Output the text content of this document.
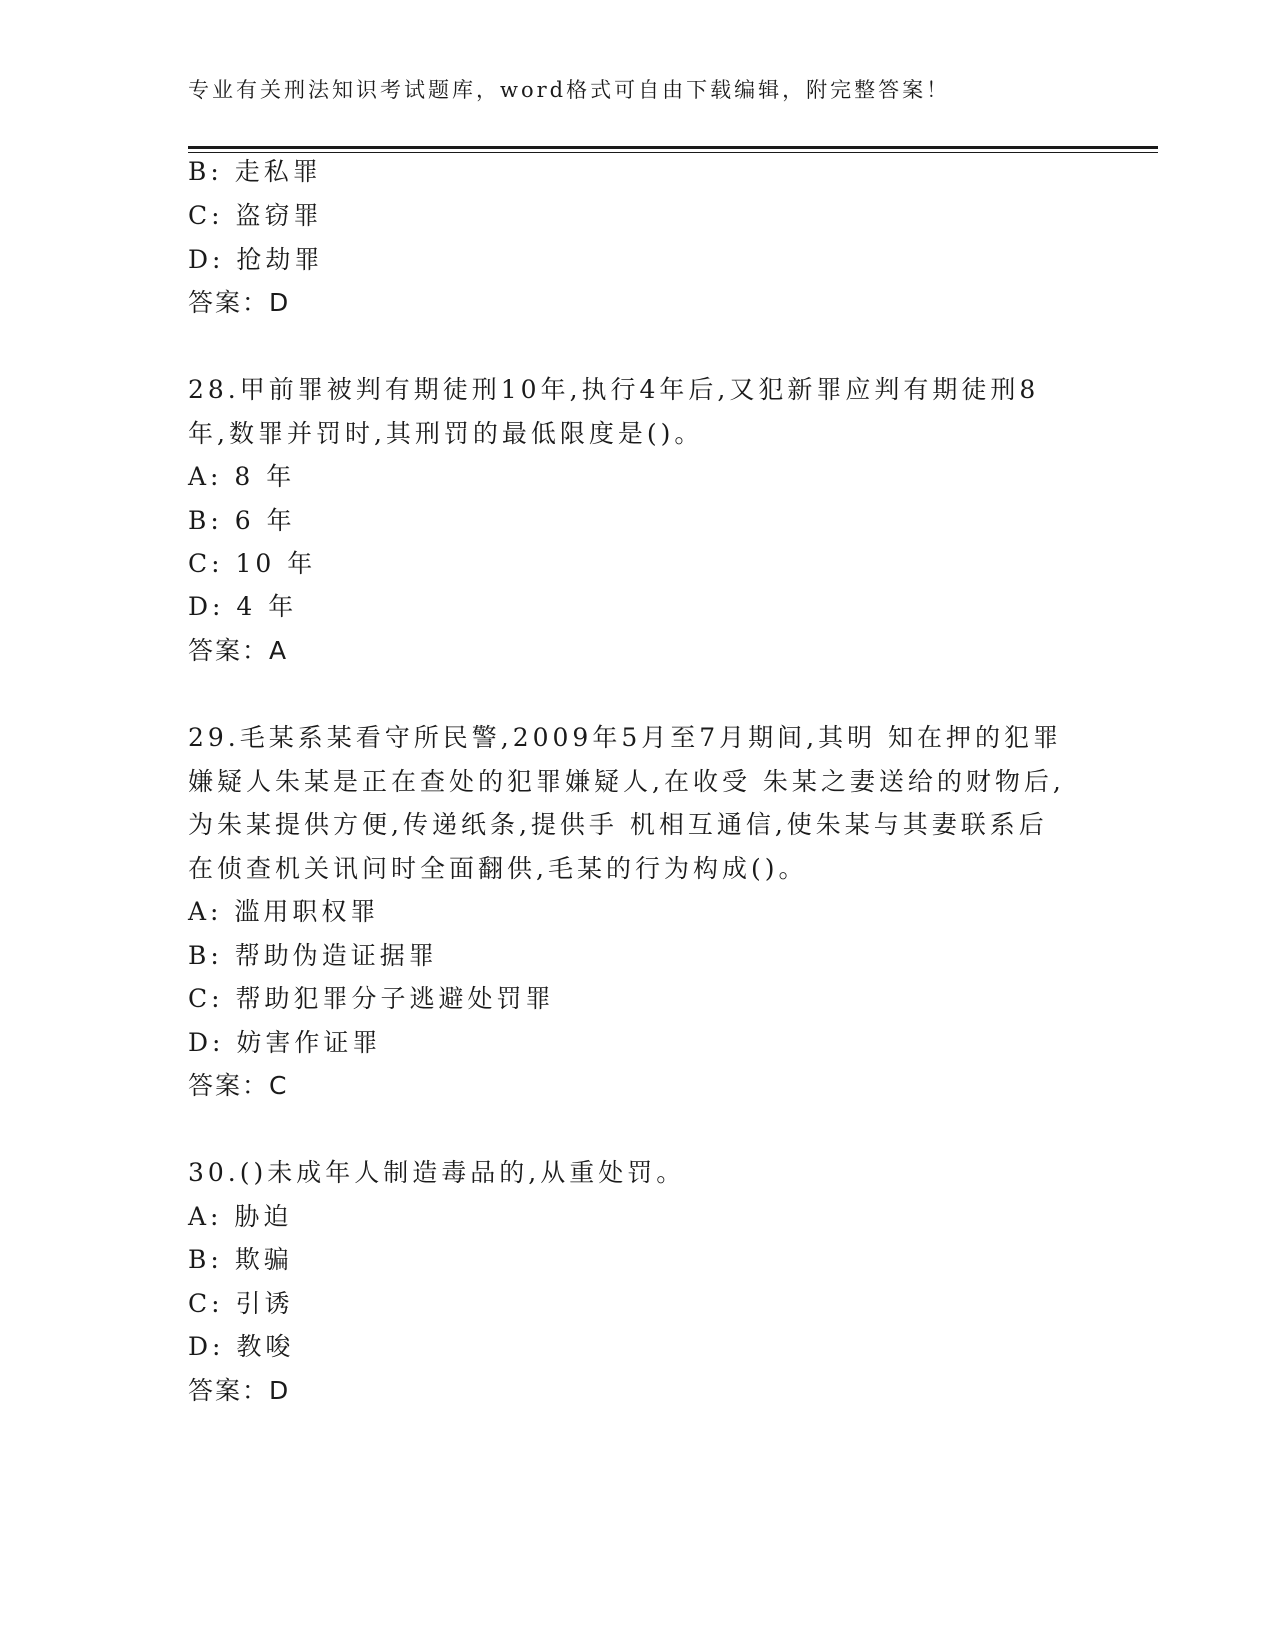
专业有关刑法知识考试题库，word格式可自由下载编辑，附完整答案！
B: 走私罪
C: 盗窃罪
D: 抢劫罪
答案：D
28.甲前罪被判有期徒刑10年,执行4年后,又犯新罪应判有期徒刑8
年,数罪并罚时,其刑罚的最低限度是()。
A: 8 年
B: 6 年
C: 10 年
D: 4 年
答案：A
29.毛某系某看守所民警,2009年5月至7月期间,其明 知在押的犯罪
嫌疑人朱某是正在查处的犯罪嫌疑人,在收受 朱某之妻送给的财物后,
为朱某提供方便,传递纸条,提供手 机相互通信,使朱某与其妻联系后
在侦查机关讯问时全面翻供,毛某的行为构成()。
A: 滥用职权罪
B: 帮助伪造证据罪
C: 帮助犯罪分子逃避处罚罪
D: 妨害作证罪
答案：C
30.()未成年人制造毒品的,从重处罚。
A: 胁迫
B: 欺骗
C: 引诱
D: 教唆
答案：D
